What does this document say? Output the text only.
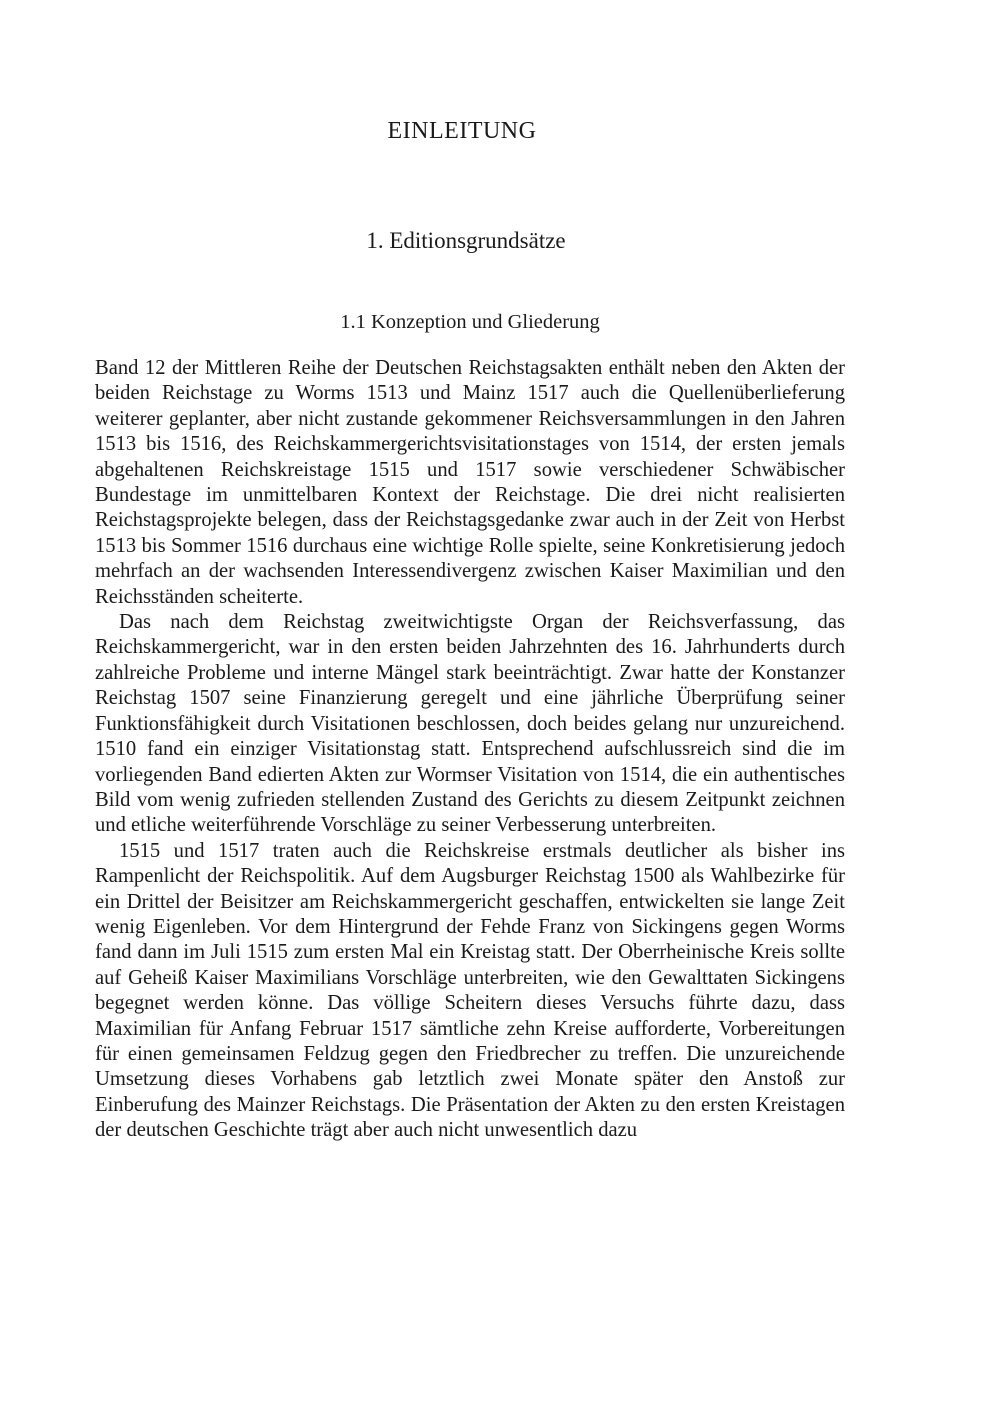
EINLEITUNG
1. Editionsgrundsätze
1.1 Konzeption und Gliederung

Band 12 der Mittleren Reihe der Deutschen Reichstagsakten enthält neben den Akten der beiden Reichstage zu Worms 1513 und Mainz 1517 auch die Quellenüberlieferung weiterer geplanter, aber nicht zustande gekommener Reichsversammlungen in den Jahren 1513 bis 1516, des Reichskammergerichtsvisitationstages von 1514, der ersten jemals abgehaltenen Reichskreistage 1515 und 1517 sowie verschiedener Schwäbischer Bundestage im unmittelbaren Kontext der Reichstage. Die drei nicht realisierten Reichstagsprojekte belegen, dass der Reichstagsgedanke zwar auch in der Zeit von Herbst 1513 bis Sommer 1516 durchaus eine wichtige Rolle spielte, seine Konkretisierung jedoch mehrfach an der wachsenden Interessendivergenz zwischen Kaiser Maximilian und den Reichsständen scheiterte.

Das nach dem Reichstag zweitwichtigste Organ der Reichsverfassung, das Reichskammergericht, war in den ersten beiden Jahrzehnten des 16. Jahrhunderts durch zahlreiche Probleme und interne Mängel stark beeinträchtigt. Zwar hatte der Konstanzer Reichstag 1507 seine Finanzierung geregelt und eine jährliche Überprüfung seiner Funktionsfähigkeit durch Visitationen beschlossen, doch beides gelang nur unzureichend. 1510 fand ein einziger Visitationstag statt. Entsprechend aufschlussreich sind die im vorliegenden Band edierten Akten zur Wormser Visitation von 1514, die ein authentisches Bild vom wenig zufrieden stellenden Zustand des Gerichts zu diesem Zeitpunkt zeichnen und etliche weiterführende Vorschläge zu seiner Verbesserung unterbreiten.

1515 und 1517 traten auch die Reichskreise erstmals deutlicher als bisher ins Rampenlicht der Reichspolitik. Auf dem Augsburger Reichstag 1500 als Wahlbezirke für ein Drittel der Beisitzer am Reichskammergericht geschaffen, entwickelten sie lange Zeit wenig Eigenleben. Vor dem Hintergrund der Fehde Franz von Sickingens gegen Worms fand dann im Juli 1515 zum ersten Mal ein Kreistag statt. Der Oberrheinische Kreis sollte auf Geheiß Kaiser Maximilians Vorschläge unterbreiten, wie den Gewalttaten Sickingens begegnet werden könne. Das völlige Scheitern dieses Versuchs führte dazu, dass Maximilian für Anfang Februar 1517 sämtliche zehn Kreise aufforderte, Vorbereitungen für einen gemeinsamen Feldzug gegen den Friedbrecher zu treffen. Die unzureichende Umsetzung dieses Vorhabens gab letztlich zwei Monate später den Anstoß zur Einberufung des Mainzer Reichstags. Die Präsentation der Akten zu den ersten Kreistagen der deutschen Geschichte trägt aber auch nicht unwesentlich dazu
